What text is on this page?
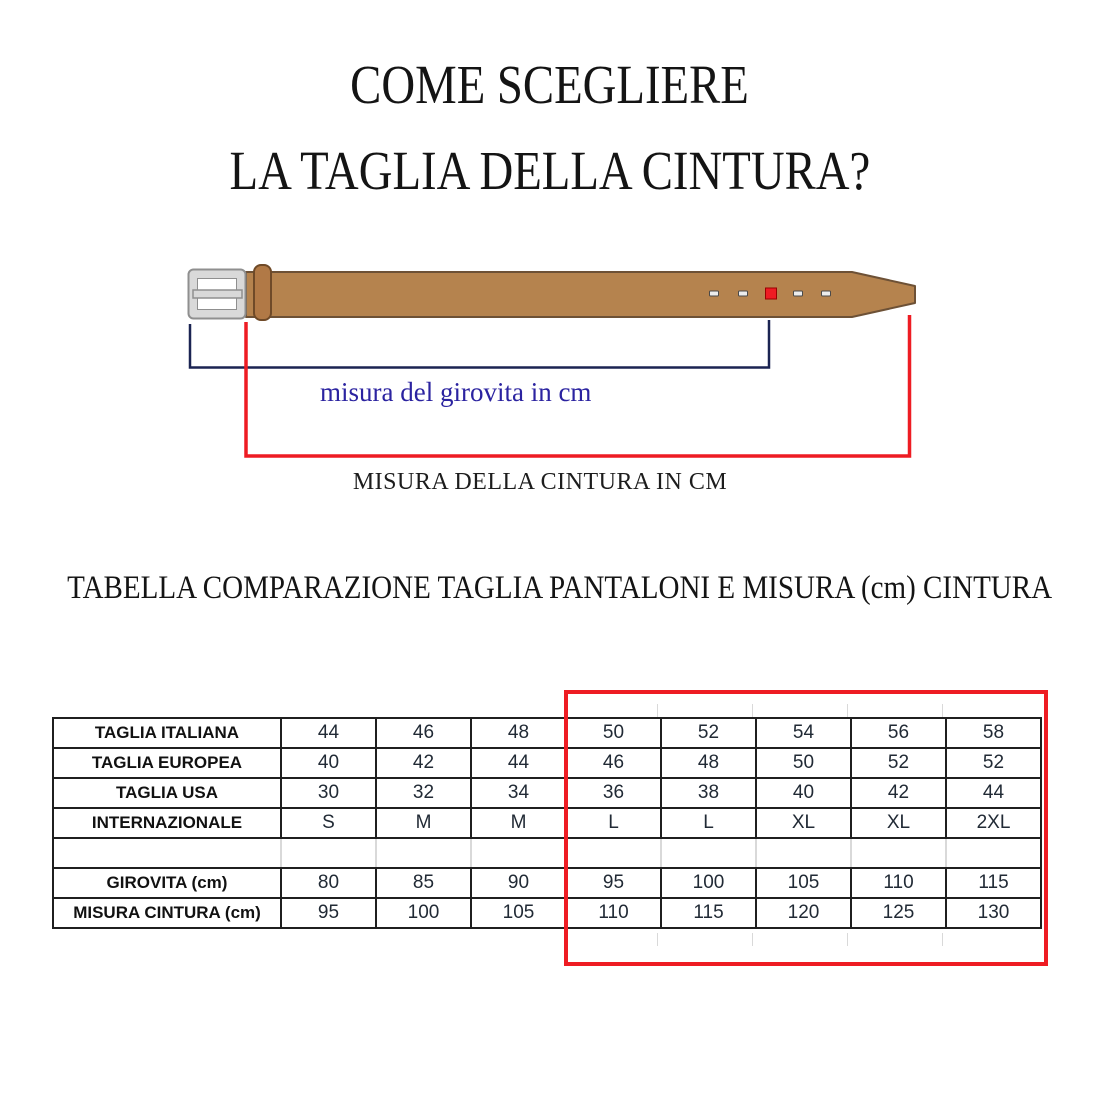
COME SCEGLIERE
LA TAGLIA DELLA CINTURA?
misura del girovita in cm
MISURA DELLA CINTURA IN CM
TABELLA COMPARAZIONE TAGLIA PANTALONI E MISURA (cm) CINTURA
TAGLIA ITALIANA	44	46	48	50	52	54	56	58
TAGLIA EUROPEA	40	42	44	46	48	50	52	52
TAGLIA USA	30	32	34	36	38	40	42	44
INTERNAZIONALE	S	M	M	L	L	XL	XL	2XL

GIROVITA (cm)	80	85	90	95	100	105	110	115
MISURA CINTURA (cm)	95	100	105	110	115	120	125	130
